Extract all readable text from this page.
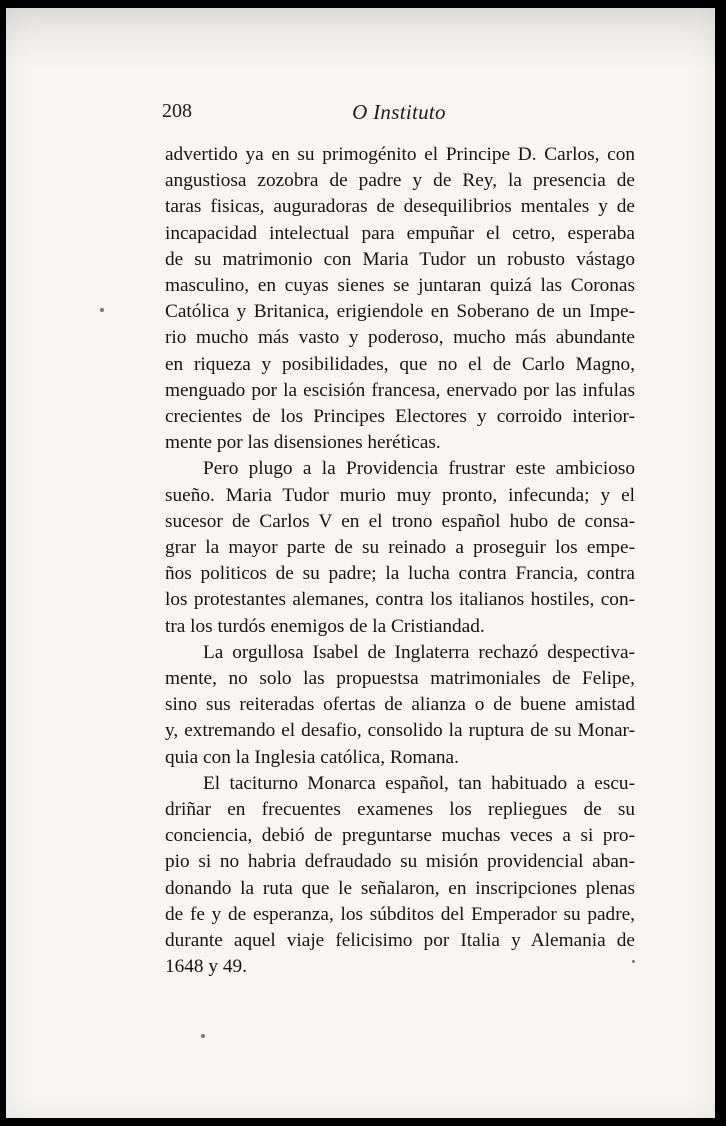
208	O Instituto
advertido ya en su primogénito el Principe D. Carlos, con
angustiosa zozobra de padre y de Rey, la presencia de
taras fisicas, auguradoras de desequilibrios mentales y de
incapacidad intelectual para empuñar el cetro, esperaba
de su matrimonio con Maria Tudor un robusto vástago
masculino, en cuyas sienes se juntaran quizá las Coronas
Católica y Britanica, erigiendole en Soberano de un Impe-
rio mucho más vasto y poderoso, mucho más abundante
en riqueza y posibilidades, que no el de Carlo Magno,
menguado por la escisión francesa, enervado por las infulas
crecientes de los Principes Electores y corroido interior-
mente por las disensiones heréticas.
Pero plugo a la Providencia frustrar este ambicioso
sueño. Maria Tudor murio muy pronto, infecunda; y el
sucesor de Carlos V en el trono español hubo de consa-
grar la mayor parte de su reinado a proseguir los empe-
ños politicos de su padre; la lucha contra Francia, contra
los protestantes alemanes, contra los italianos hostiles, con-
tra los turdós enemigos de la Cristiandad.
La orgullosa Isabel de Inglaterra rechazó despectiva-
mente, no solo las propuestsa matrimoniales de Felipe,
sino sus reiteradas ofertas de alianza o de buene amistad
y, extremando el desafio, consolido la ruptura de su Monar-
quia con la Inglesia católica, Romana.
El taciturno Monarca español, tan habituado a escu-
driñar en frecuentes examenes los repliegues de su
conciencia, debió de preguntarse muchas veces a si pro-
pio si no habria defraudado su misión providencial aban-
donando la ruta que le señalaron, en inscripciones plenas
de fe y de esperanza, los súbditos del Emperador su padre,
durante aquel viaje felicisimo por Italia y Alemania de
1648 y 49.
